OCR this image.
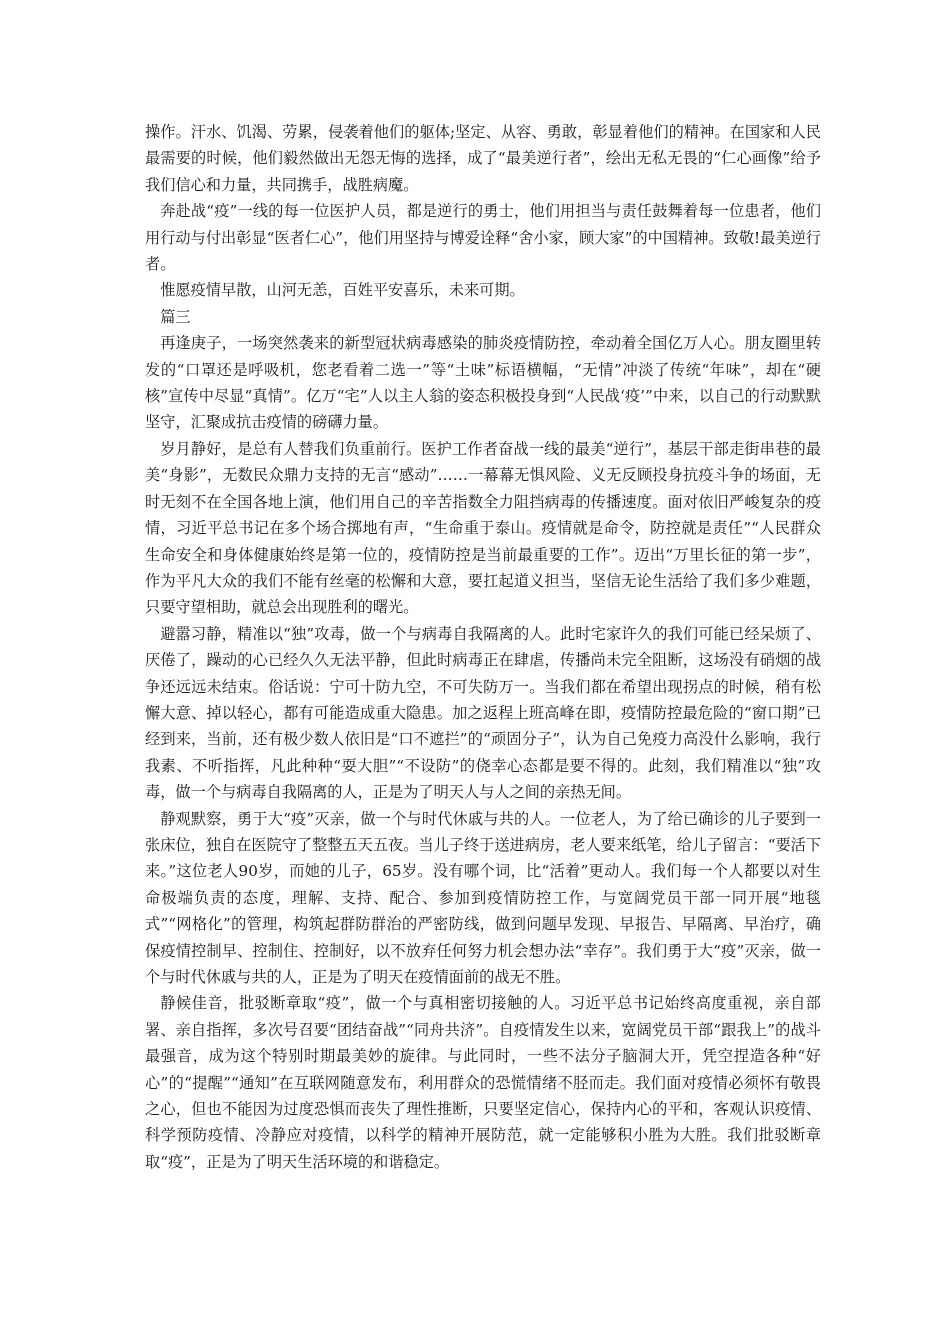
操作。汗水、饥渴、劳累，侵袭着他们的躯体;坚定、从容、勇敢，彰显着他们的精神。在国家和人民最需要的时候，他们毅然做出无怨无悔的选择，成了“最美逆行者”，绘出无私无畏的“仁心画像”给予我们信心和力量，共同携手，战胜病魔。

奔赴战“疫”一线的每一位医护人员，都是逆行的勇士，他们用担当与责任鼓舞着每一位患者，他们用行动与付出彰显“医者仁心”，他们用坚持与博爱诠释“舍小家，顾大家”的中国精神。致敬!最美逆行者。

惟愿疫情早散，山河无恙，百姓平安喜乐，未来可期。

篇三

再逢庚子，一场突然袭来的新型冠状病毒感染的肺炎疫情防控，牵动着全国亿万人心。朋友圈里转发的“口罩还是呼吸机，您老看着二选一”等“土味”标语横幅，“无情”冲淡了传统“年味”，却在“硬核”宣传中尽显“真情”。亿万“宅”人以主人翁的姿态积极投身到“人民战‘疫’”中来，以自己的行动默默坚守，汇聚成抗击疫情的磅礴力量。

岁月静好，是总有人替我们负重前行。医护工作者奋战一线的最美“逆行”，基层干部走街串巷的最美“身影”，无数民众鼎力支持的无言“感动”……一幕幕无惧风险、义无反顾投身抗疫斗争的场面，无时无刻不在全国各地上演，他们用自己的辛苦指数全力阻挡病毒的传播速度。面对依旧严峻复杂的疫情，习近平总书记在多个场合掷地有声，“生命重于泰山。疫情就是命令，防控就是责任”“人民群众生命安全和身体健康始终是第一位的，疫情防控是当前最重要的工作”。迈出“万里长征的第一步”，作为平凡大众的我们不能有丝毫的松懈和大意，要扛起道义担当，坚信无论生活给了我们多少难题，只要守望相助，就总会出现胜利的曙光。

避嚣习静，精准以“独”攻毒，做一个与病毒自我隔离的人。此时宅家许久的我们可能已经呆烦了、厌倦了，躁动的心已经久久无法平静，但此时病毒正在肆虐，传播尚未完全阻断，这场没有硝烟的战争还远远未结束。俗话说：宁可十防九空，不可失防万一。当我们都在希望出现拐点的时候，稍有松懈大意、掉以轻心，都有可能造成重大隐患。加之返程上班高峰在即，疫情防控最危险的“窗口期”已经到来，当前，还有极少数人依旧是“口不遮拦”的“顽固分子”，认为自己免疫力高没什么影响，我行我素、不听指挥，凡此种种“耍大胆”“不设防”的侥幸心态都是要不得的。此刻，我们精准以“独”攻毒，做一个与病毒自我隔离的人，正是为了明天人与人之间的亲热无间。

静观默察，勇于大“疫”灭亲，做一个与时代休戚与共的人。一位老人，为了给已确诊的儿子要到一张床位，独自在医院守了整整五天五夜。当儿子终于送进病房，老人要来纸笔，给儿子留言：“要活下来。”这位老人90岁，而她的儿子，65岁。没有哪个词，比“活着”更动人。我们每一个人都要以对生命极端负责的态度，理解、支持、配合、参加到疫情防控工作，与宽阔党员干部一同开展“地毯式”“网格化”的管理，构筑起群防群治的严密防线，做到问题早发现、早报告、早隔离、早治疗，确保疫情控制早、控制住、控制好，以不放弃任何努力机会想办法“幸存”。我们勇于大“疫”灭亲，做一个与时代休戚与共的人，正是为了明天在疫情面前的战无不胜。

静候佳音，批驳断章取“疫”，做一个与真相密切接触的人。习近平总书记始终高度重视，亲自部署、亲自指挥，多次号召要“团结奋战”“同舟共济”。自疫情发生以来，宽阔党员干部“跟我上”的战斗最强音，成为这个特别时期最美妙的旋律。与此同时，一些不法分子脑洞大开，凭空捏造各种“好心”的“提醒”“通知”在互联网随意发布，利用群众的恐慌情绪不胫而走。我们面对疫情必须怀有敬畏之心，但也不能因为过度恐惧而丧失了理性推断，只要坚定信心，保持内心的平和，客观认识疫情、科学预防疫情、冷静应对疫情，以科学的精神开展防范，就一定能够积小胜为大胜。我们批驳断章取“疫”，正是为了明天生活环境的和谐稳定。
